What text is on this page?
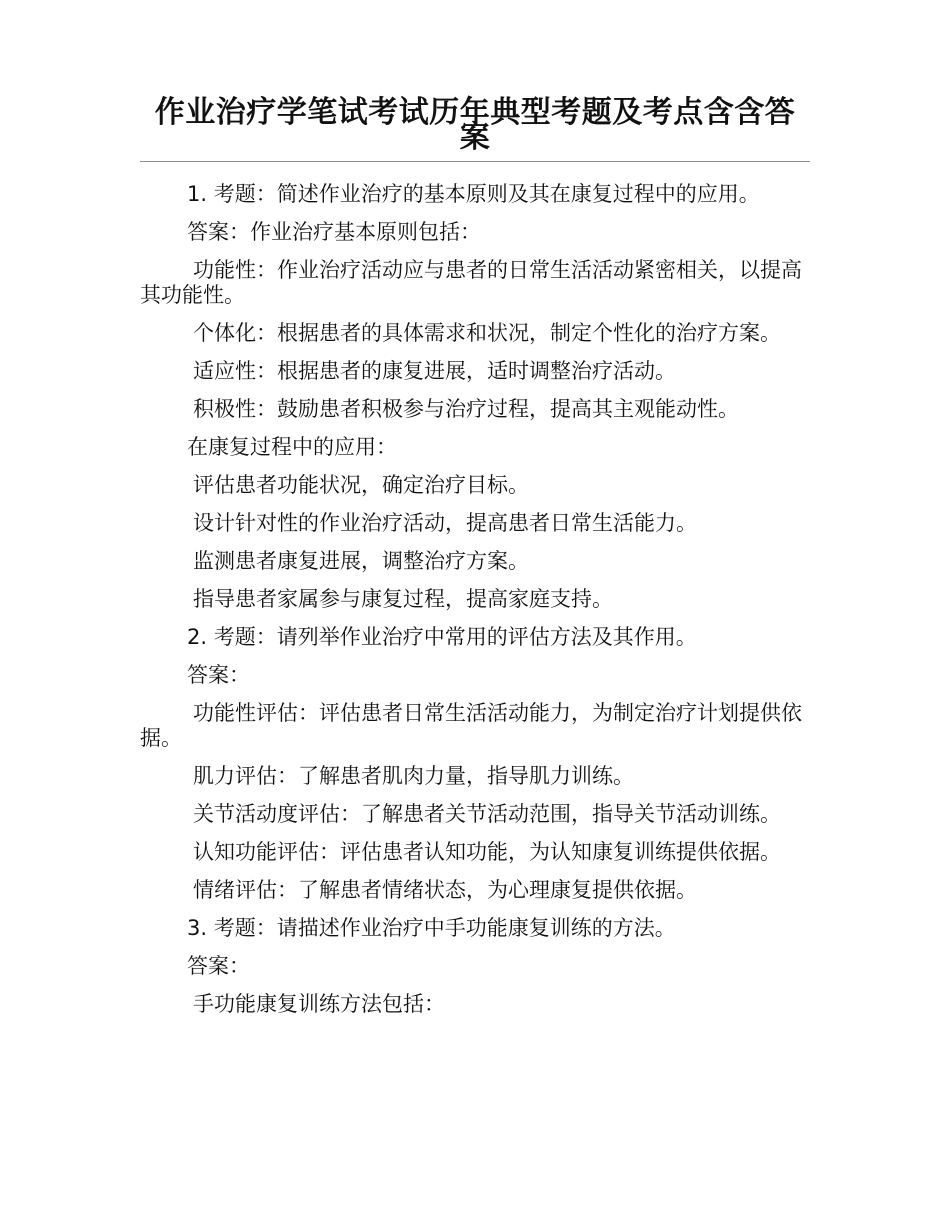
作业治疗学笔试考试历年典型考题及考点含含答案

1. 考题：简述作业治疗的基本原则及其在康复过程中的应用。

答案：作业治疗基本原则包括：

功能性：作业治疗活动应与患者的日常生活活动紧密相关，以提高其功能性。

个体化：根据患者的具体需求和状况，制定个性化的治疗方案。

适应性：根据患者的康复进展，适时调整治疗活动。

积极性：鼓励患者积极参与治疗过程，提高其主观能动性。

在康复过程中的应用：

评估患者功能状况，确定治疗目标。

设计针对性的作业治疗活动，提高患者日常生活能力。

监测患者康复进展，调整治疗方案。

指导患者家属参与康复过程，提高家庭支持。

2. 考题：请列举作业治疗中常用的评估方法及其作用。

答案：

功能性评估：评估患者日常生活活动能力，为制定治疗计划提供依据。

肌力评估：了解患者肌肉力量，指导肌力训练。

关节活动度评估：了解患者关节活动范围，指导关节活动训练。

认知功能评估：评估患者认知功能，为认知康复训练提供依据。

情绪评估：了解患者情绪状态，为心理康复提供依据。

3. 考题：请描述作业治疗中手功能康复训练的方法。

答案：

手功能康复训练方法包括：
